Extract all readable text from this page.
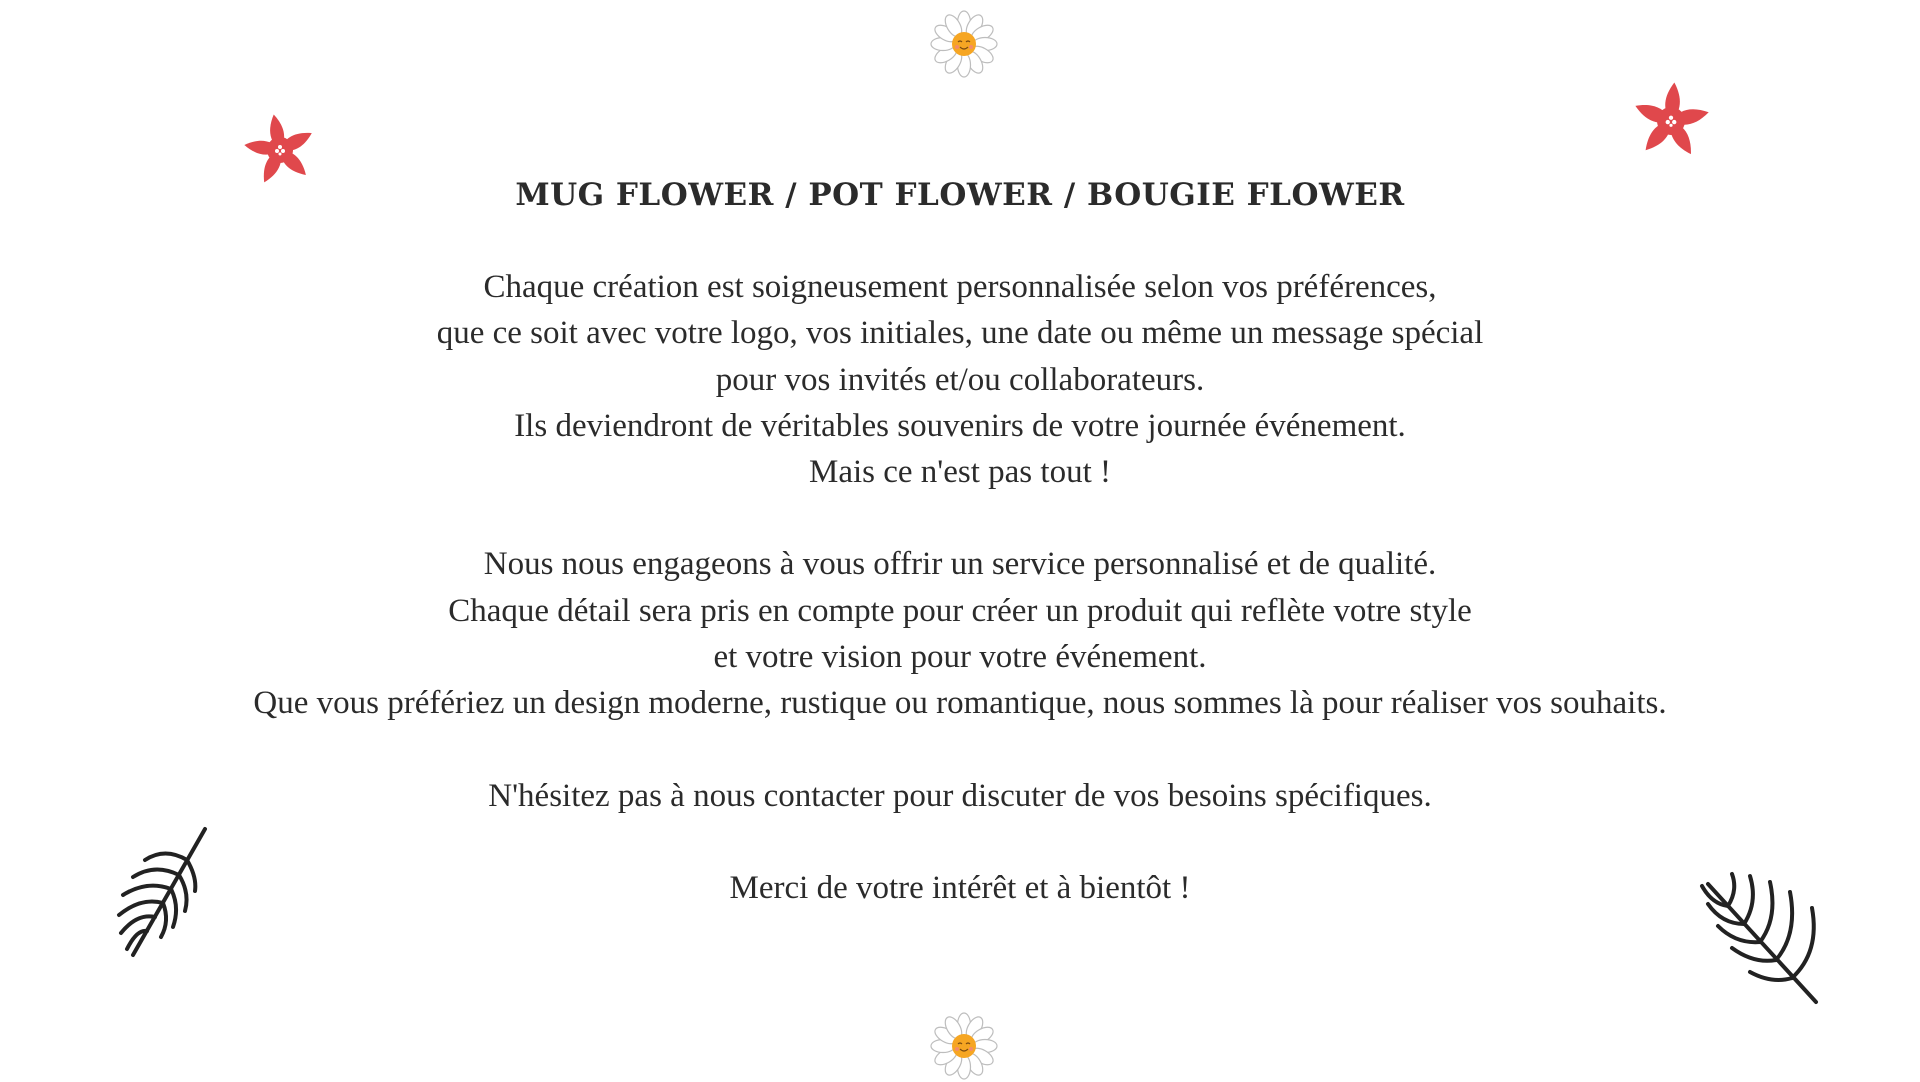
MUG FLOWER / POT FLOWER / BOUGIE FLOWER
Chaque création est soigneusement personnalisée selon vos préférences,
que ce soit avec votre logo, vos initiales, une date ou même un message spécial
pour vos invités et/ou collaborateurs.
Ils deviendront de véritables souvenirs de votre journée événement.
Mais ce n'est pas tout !
Nous nous engageons à vous offrir un service personnalisé et de qualité.
Chaque détail sera pris en compte pour créer un produit qui reflète votre style
et votre vision pour votre événement.
Que vous préfériez un design moderne, rustique ou romantique, nous sommes là pour réaliser vos souhaits.
N'hésitez pas à nous contacter pour discuter de vos besoins spécifiques.
Merci de votre intérêt et à bientôt !
